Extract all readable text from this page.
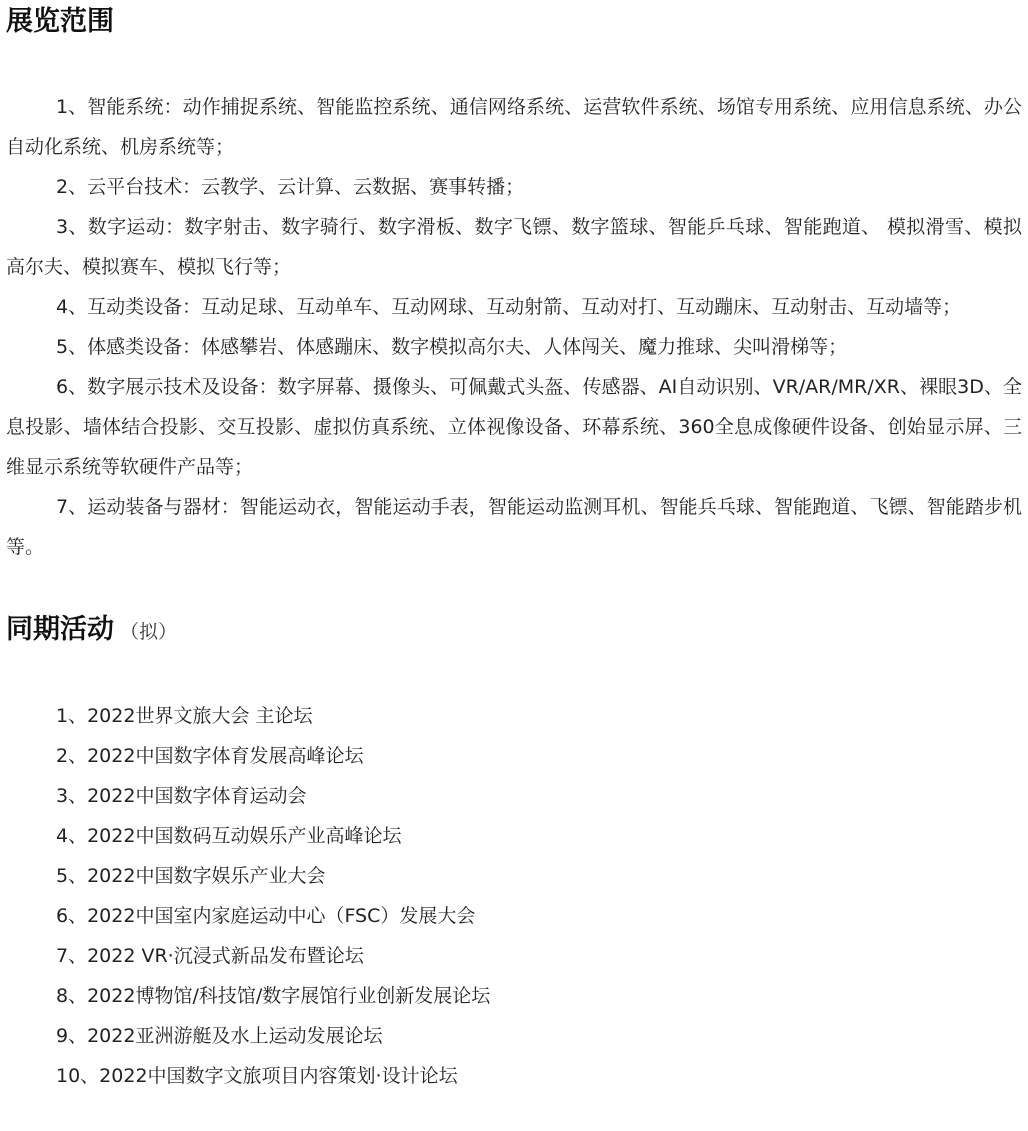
展览范围

1、智能系统：动作捕捉系统、智能监控系统、通信网络系统、运营软件系统、场馆专用系统、应用信息系统、办公自动化系统、机房系统等；

2、云平台技术：云教学、云计算、云数据、赛事转播；

3、数字运动：数字射击、数字骑行、数字滑板、数字飞镖、数字篮球、智能乒乓球、智能跑道、 模拟滑雪、模拟高尔夫、模拟赛车、模拟飞行等；

4、互动类设备：互动足球、互动单车、互动网球、互动射箭、互动对打、互动蹦床、互动射击、互动墙等；

5、体感类设备：体感攀岩、体感蹦床、数字模拟高尔夫、人体闯关、魔力推球、尖叫滑梯等；

6、数字展示技术及设备：数字屏幕、摄像头、可佩戴式头盔、传感器、AI自动识别、VR/AR/MR/XR、裸眼3D、全息投影、墙体结合投影、交互投影、虚拟仿真系统、立体视像设备、环幕系统、360全息成像硬件设备、创始显示屏、三维显示系统等软硬件产品等；

7、运动装备与器材：智能运动衣，智能运动手表，智能运动监测耳机、智能兵乓球、智能跑道、飞镖、智能踏步机等。

同期活动 （拟）
1、2022世界文旅大会 主论坛
2、2022中国数字体育发展高峰论坛
3、2022中国数字体育运动会
4、2022中国数码互动娱乐产业高峰论坛
5、2022中国数字娱乐产业大会
6、2022中国室内家庭运动中心（FSC）发展大会
7、2022 VR·沉浸式新品发布暨论坛
8、2022博物馆/科技馆/数字展馆行业创新发展论坛
9、2022亚洲游艇及水上运动发展论坛
10、2022中国数字文旅项目内容策划·设计论坛
